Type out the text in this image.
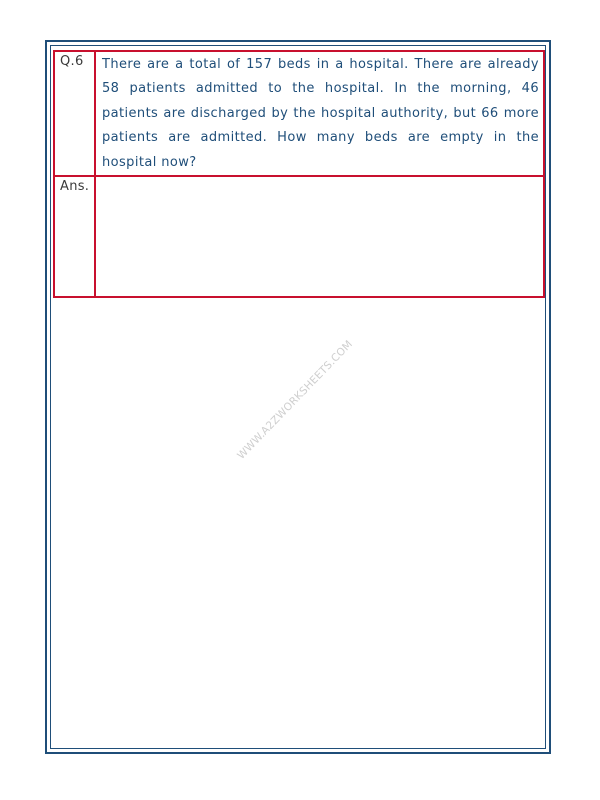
Q.6	There are a total of 157 beds in a hospital. There are already 58 patients admitted to the hospital. In the morning, 46 patients are discharged by the hospital authority, but 66 more patients are admitted. How many beds are empty in the hospital now?
Ans.
WWW.A2ZWORKSHEETS.COM
